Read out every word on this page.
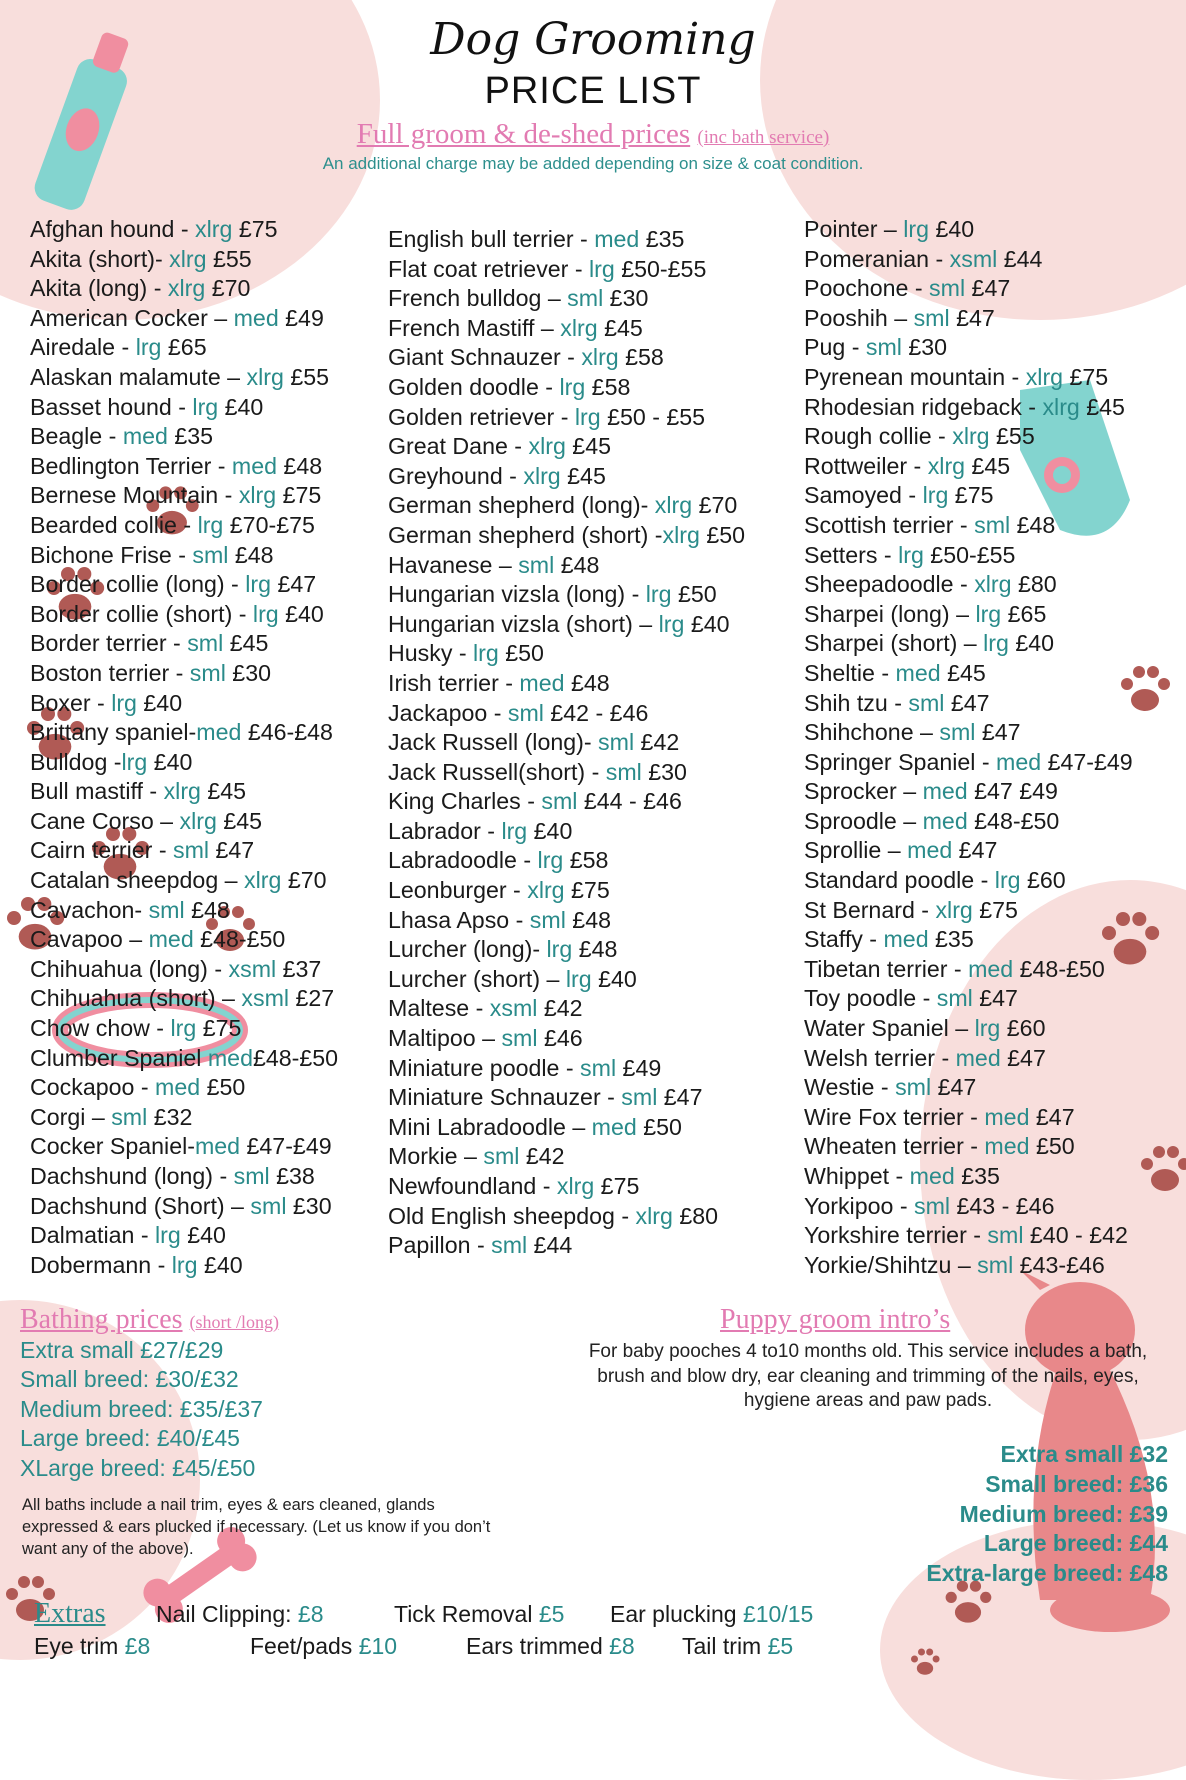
Dog Grooming
PRICE LIST
Full groom & de-shed prices (inc bath service)
An additional charge may be added depending on size & coat condition.
Afghan hound - xlrg £75
Akita (short)- xlrg £55
Akita (long) - xlrg £70
American Cocker – med £49
Airedale - lrg £65
Alaskan malamute – xlrg £55
Basset hound - lrg £40
Beagle - med £35
Bedlington Terrier - med £48
Bernese Mountain - xlrg £75
Bearded collie - lrg £70-£75
Bichone Frise - sml £48
Border collie (long) - lrg £47
Border collie (short) - lrg £40
Border terrier - sml £45
Boston terrier - sml £30
Boxer - lrg £40
Brittany spaniel-med £46-£48
Bulldog -lrg £40
Bull mastiff - xlrg £45
Cane Corso – xlrg £45
Cairn terrier - sml £47
Catalan sheepdog – xlrg £70
Cavachon- sml £48
Cavapoo – med £48-£50
Chihuahua (long) - xsml £37
Chihuahua (short) – xsml £27
Chow chow - lrg £75
Clumber Spaniel med£48-£50
Cockapoo - med £50
Corgi – sml £32
Cocker Spaniel-med £47-£49
Dachshund (long) - sml £38
Dachshund (Short) – sml £30
Dalmatian - lrg £40
Dobermann - lrg £40
English bull terrier - med £35
Flat coat retriever - lrg £50-£55
French bulldog – sml £30
French Mastiff – xlrg £45
Giant Schnauzer - xlrg £58
Golden doodle - lrg £58
Golden retriever - lrg £50 - £55
Great Dane - xlrg £45
Greyhound - xlrg £45
German shepherd (long)- xlrg £70
German shepherd (short) -xlrg £50
Havanese – sml £48
Hungarian vizsla (long) - lrg £50
Hungarian vizsla (short) – lrg £40
Husky - lrg £50
Irish terrier - med £48
Jackapoo - sml £42 - £46
Jack Russell (long)- sml £42
Jack Russell(short) - sml £30
King Charles - sml £44 - £46
Labrador - lrg £40
Labradoodle - lrg £58
Leonburger - xlrg £75
Lhasa Apso - sml £48
Lurcher (long)- lrg £48
Lurcher (short) – lrg £40
Maltese - xsml £42
Maltipoo – sml £46
Miniature poodle - sml £49
Miniature Schnauzer - sml £47
Mini Labradoodle – med £50
Morkie – sml £42
Newfoundland - xlrg £75
Old English sheepdog - xlrg £80
Papillon - sml £44
Pointer – lrg £40
Pomeranian - xsml £44
Poochone - sml £47
Pooshih – sml £47
Pug - sml £30
Pyrenean mountain - xlrg £75
Rhodesian ridgeback - xlrg £45
Rough collie - xlrg £55
Rottweiler - xlrg £45
Samoyed - lrg £75
Scottish terrier - sml £48
Setters - lrg £50-£55
Sheepadoodle - xlrg £80
Sharpei (long) – lrg £65
Sharpei (short) – lrg £40
Sheltie - med £45
Shih tzu - sml £47
Shihchone – sml £47
Springer Spaniel - med £47-£49
Sprocker – med £47 £49
Sproodle – med £48-£50
Sprollie – med £47
Standard poodle - lrg £60
St Bernard - xlrg £75
Staffy - med £35
Tibetan terrier - med £48-£50
Toy poodle - sml £47
Water Spaniel – lrg £60
Welsh terrier - med £47
Westie - sml £47
Wire Fox terrier - med £47
Wheaten terrier - med £50
Whippet - med £35
Yorkipoo - sml £43 - £46
Yorkshire terrier - sml £40 - £42
Yorkie/Shihtzu – sml £43-£46
Bathing prices (short /long)
Extra small £27/£29
Small breed: £30/£32
Medium breed: £35/£37
Large breed: £40/£45
XLarge breed: £45/£50
All baths include a nail trim, eyes & ears cleaned, glands expressed & ears plucked if necessary. (Let us know if you don’t want any of the above).
Puppy groom intro’s
For baby pooches 4 to10 months old. This service includes a bath, brush and blow dry, ear cleaning and trimming of the nails, eyes, hygiene areas and paw pads.
Extra small £32
Small breed: £36
Medium breed: £39
Large breed: £44
Extra-large breed: £48
Extras Nail Clipping: £8	Tick Removal £5 Ear plucking £10/15
Eye trim £8	Feet/pads £10	Ears trimmed £8 Tail trim £5
